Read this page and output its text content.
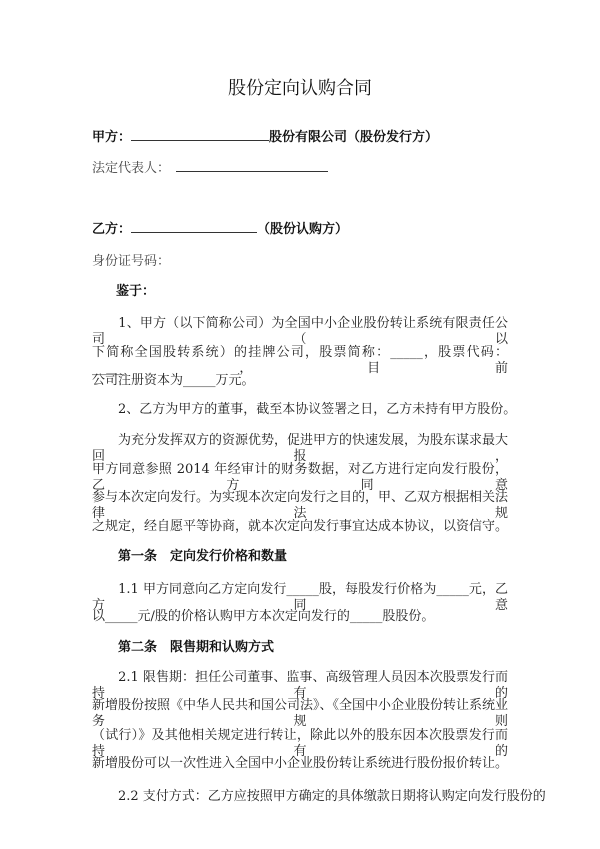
股份定向认购合同
甲方：	股份有限公司（股份发行方）
法定代表人：
乙方：	（股份认购方）
身份证号码：
鉴于：
　　1、甲方（以下简称公司）为全国中小企业股份转让系统有限责任公司（以
下简称全国股转系统）的挂牌公司，股票简称：_____，股票代码：_____，目前
公司注册资本为_____万元。
　　2、乙方为甲方的董事，截至本协议签署之日，乙方未持有甲方股份。
　　为充分发挥双方的资源优势，促进甲方的快速发展，为股东谋求最大回报，
甲方同意参照 2014 年经审计的财务数据，对乙方进行定向发行股份，乙方同意
参与本次定向发行。为实现本次定向发行之目的，甲、乙双方根据相关法律法规
之规定，经自愿平等协商，就本次定向发行事宜达成本协议，以资信守。
　　第一条　定向发行价格和数量
　　1.1 甲方同意向乙方定向发行_____股，每股发行价格为_____元，乙方同意
以_____元/股的价格认购甲方本次定向发行的_____股股份。
　　第二条　限售期和认购方式
　　2.1 限售期：担任公司董事、监事、高级管理人员因本次股票发行而持有的
新增股份按照《中华人民共和国公司法》、《全国中小企业股份转让系统业务规则
（试行）》及其他相关规定进行转让，除此以外的股东因本次股票发行而持有的
新增股份可以一次性进入全国中小企业股份转让系统进行股份报价转让。
　　2.2 支付方式：乙方应按照甲方确定的具体缴款日期将认购定向发行股份的
